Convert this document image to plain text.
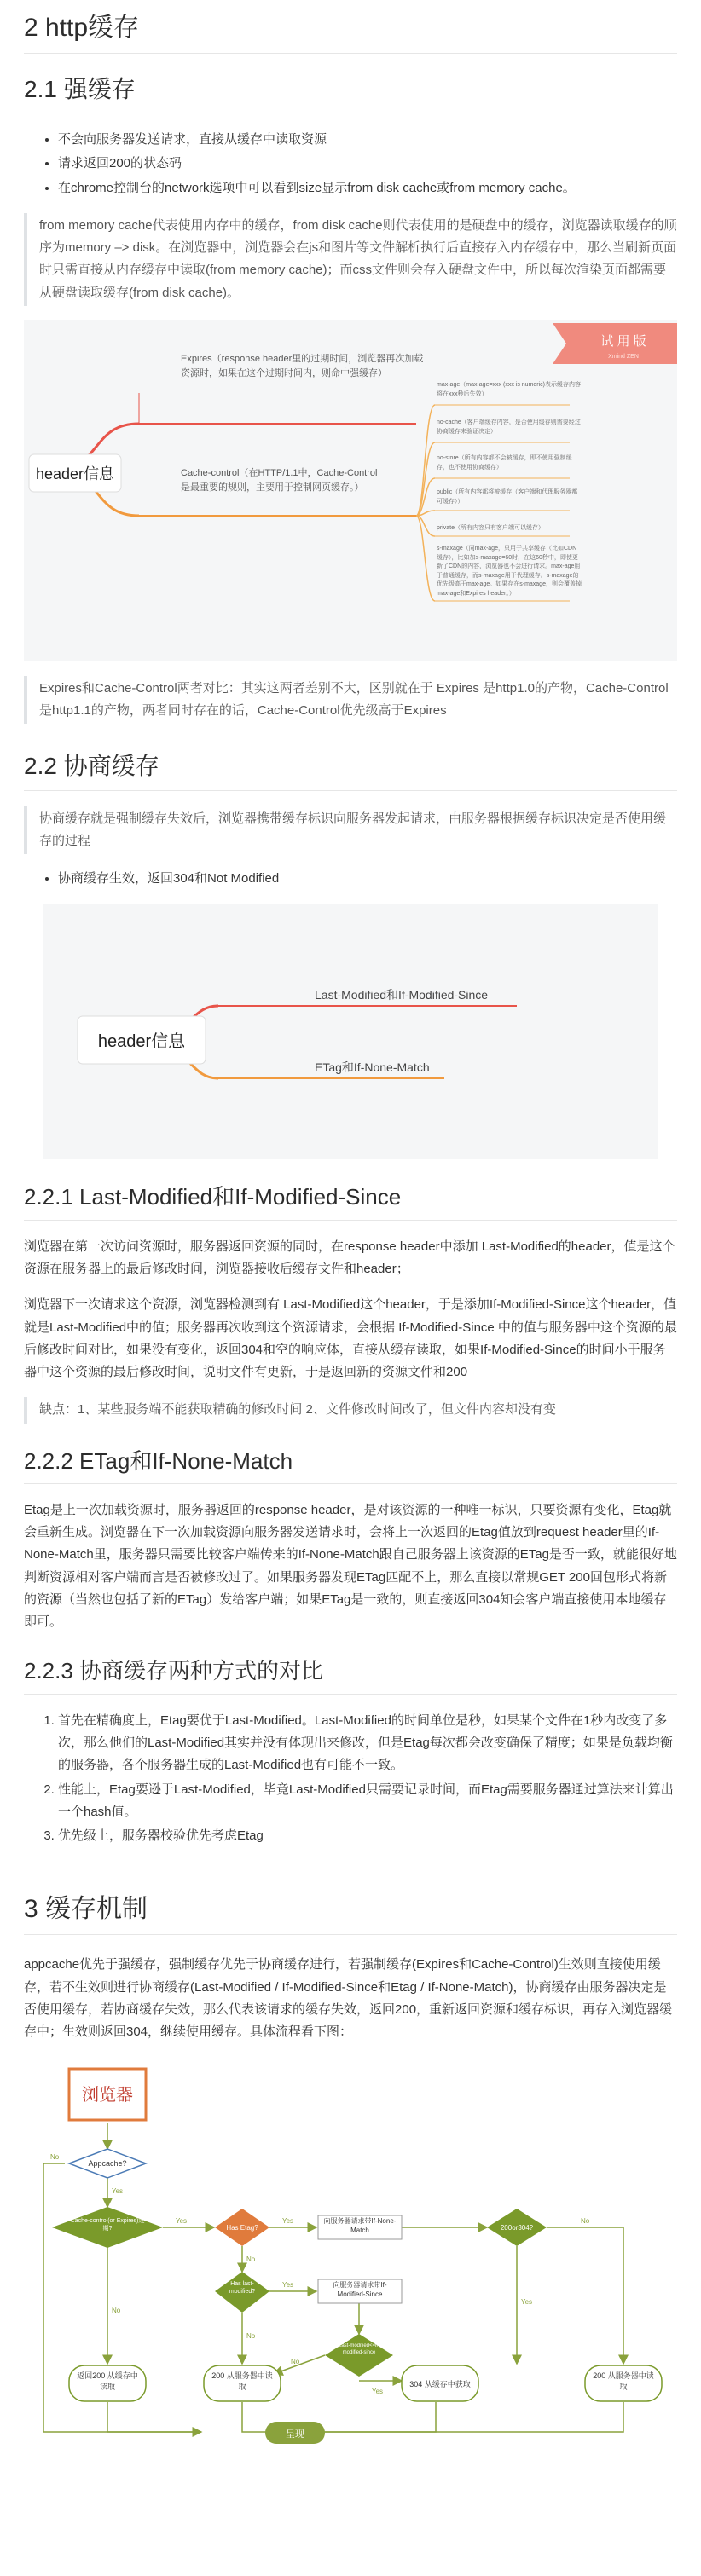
2 http缓存
2.1 强缓存
• 不会向服务器发送请求，直接从缓存中读取资源
• 请求返回200的状态码
• 在chrome控制台的network选项中可以看到size显示from disk cache或from memory cache。
from memory cache代表使用内存中的缓存，from disk cache则代表使用的是硬盘中的缓存，浏览器读取缓存的顺序为memory –> disk。在浏览器中，浏览器会在js和图片等文件解析执行后直接存入内存缓存中，那么当刷新页面时只需直接从内存缓存中读取(from memory cache)；而css文件则会存入硬盘文件中，所以每次渲染页面都需要从硬盘读取缓存(from disk cache)。
试 用 版
Xmind ZEN
header信息
Expires（response header里的过期时间，浏览器再次加载资源时，如果在这个过期时间内，则命中强缓存）
Cache-control（在HTTP/1.1中，Cache-Control是最重要的规则，主要用于控制网页缓存。）
max-age（max-age=xxx (xxx is numeric)表示缓存内容将在xxx秒后失效）
no-cache（客户端缓存内容，是否使用缓存则需要经过协商缓存来验证决定）
no-store（所有内容都不会被缓存，即不使用强制缓存，也不使用协商缓存）
public（所有内容都将被缓存（客户端和代理服务器都可缓存））
private（所有内容只有客户端可以缓存）
s-maxage（同max-age，只用于共享缓存（比如CDN缓存），比如加s-maxage=60时，在这60秒中，即使更新了CDN的内容，浏览器也不会进行请求。max-age用于普通缓存，而s-maxage用于代理缓存。s-maxage的优先级高于max-age。如果存在s-maxage，则会覆盖掉max-age和Expires header。）
Expires和Cache-Control两者对比：其实这两者差别不大，区别就在于 Expires 是http1.0的产物，Cache-Control是http1.1的产物，两者同时存在的话，Cache-Control优先级高于Expires
2.2 协商缓存
协商缓存就是强制缓存失效后，浏览器携带缓存标识向服务器发起请求，由服务器根据缓存标识决定是否使用缓存的过程
• 协商缓存生效，返回304和Not Modified
header信息
Last-Modified和If-Modified-Since
ETag和If-None-Match
2.2.1 Last-Modified和If-Modified-Since

浏览器在第一次访问资源时，服务器返回资源的同时，在response header中添加 Last-Modified的header，值是这个资源在服务器上的最后修改时间，浏览器接收后缓存文件和header；

浏览器下一次请求这个资源，浏览器检测到有 Last-Modified这个header，于是添加If-Modified-Since这个header，值就是Last-Modified中的值；服务器再次收到这个资源请求，会根据 If-Modified-Since 中的值与服务器中这个资源的最后修改时间对比，如果没有变化，返回304和空的响应体，直接从缓存读取，如果If-Modified-Since的时间小于服务器中这个资源的最后修改时间，说明文件有更新，于是返回新的资源文件和200

缺点：1、某些服务端不能获取精确的修改时间 2、文件修改时间改了，但文件内容却没有变
2.2.2 ETag和If-None-Match

Etag是上一次加载资源时，服务器返回的response header，是对该资源的一种唯一标识，只要资源有变化，Etag就会重新生成。浏览器在下一次加载资源向服务器发送请求时，会将上一次返回的Etag值放到request header里的If-None-Match里，服务器只需要比较客户端传来的If-None-Match跟自己服务器上该资源的ETag是否一致，就能很好地判断资源相对客户端而言是否被修改过了。如果服务器发现ETag匹配不上，那么直接以常规GET 200回包形式将新的资源（当然也包括了新的ETag）发给客户端；如果ETag是一致的，则直接返回304知会客户端直接使用本地缓存即可。

2.2.3 协商缓存两种方式的对比
1. 首先在精确度上，Etag要优于Last-Modified。Last-Modified的时间单位是秒，如果某个文件在1秒内改变了多次，那么他们的Last-Modified其实并没有体现出来修改，但是Etag每次都会改变确保了精度；如果是负载均衡的服务器，各个服务器生成的Last-Modified也有可能不一致。
2. 性能上，Etag要逊于Last-Modified，毕竟Last-Modified只需要记录时间，而Etag需要服务器通过算法来计算出一个hash值。
3. 优先级上，服务器校验优先考虑Etag
3 缓存机制

appcache优先于强缓存，强制缓存优先于协商缓存进行，若强制缓存(Expires和Cache-Control)生效则直接使用缓存，若不生效则进行协商缓存(Last-Modified / If-Modified-Since和Etag / If-None-Match)，协商缓存由服务器决定是否使用缓存，若协商缓存失效，那么代表该请求的缓存失效，返回200，重新返回资源和缓存标识，再存入浏览器缓存中；生效则返回304，继续使用缓存。具体流程看下图：

浏览器
Appcache?
Cache-control(or Expires)过期?	Has Etag?
向服务器请求带If-None-Match	200or304?
Has last-modified?
向服务器请求带If-Modified-Since
Last-modified<=if-modified-since
返回200 从缓存中读取
200 从服务器中读取	304 从缓存中获取
200 从服务器中读取
呈现
No
Yes
Yes
No
Yes
No
Yes
No
Yes
No
Yes
No
